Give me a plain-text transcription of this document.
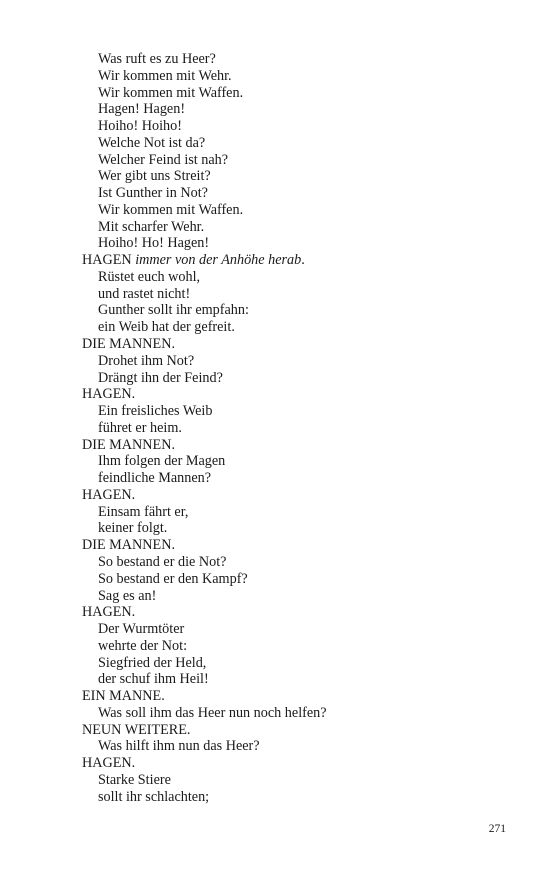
Was ruft es zu Heer?
Wir kommen mit Wehr.
Wir kommen mit Waffen.
Hagen! Hagen!
Hoiho! Hoiho!
Welche Not ist da?
Welcher Feind ist nah?
Wer gibt uns Streit?
Ist Gunther in Not?
Wir kommen mit Waffen.
Mit scharfer Wehr.
Hoiho! Ho! Hagen!
HAGEN immer von der Anhöhe herab.
Rüstet euch wohl,
und rastet nicht!
Gunther sollt ihr empfahn:
ein Weib hat der gefreit.
DIE MANNEN.
Drohet ihm Not?
Drängt ihn der Feind?
HAGEN.
Ein freisliches Weib
führet er heim.
DIE MANNEN.
Ihm folgen der Magen
feindliche Mannen?
HAGEN.
Einsam fährt er,
keiner folgt.
DIE MANNEN.
So bestand er die Not?
So bestand er den Kampf?
Sag es an!
HAGEN.
Der Wurmtöter
wehrte der Not:
Siegfried der Held,
der schuf ihm Heil!
EIN MANNE.
Was soll ihm das Heer nun noch helfen?
NEUN WEITERE.
Was hilft ihm nun das Heer?
HAGEN.
Starke Stiere
sollt ihr schlachten;
271
